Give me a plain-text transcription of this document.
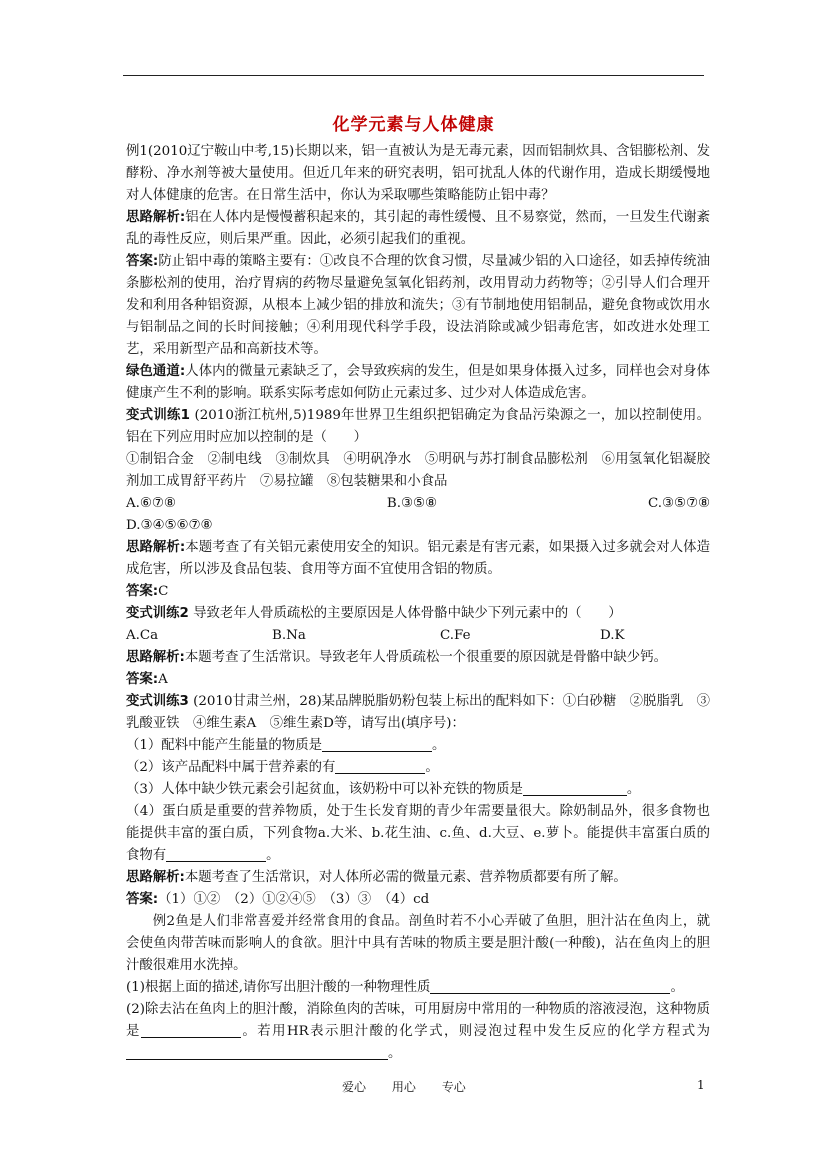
化学元素与人体健康

例1(2010辽宁鞍山中考,15)长期以来，铝一直被认为是无毒元素，因而铝制炊具、含铝膨松剂、发酵粉、净水剂等被大量使用。但近几年来的研究表明，铝可扰乱人体的代谢作用，造成长期缓慢地对人体健康的危害。在日常生活中，你认为采取哪些策略能防止铝中毒？

思路解析:铝在人体内是慢慢蓄积起来的，其引起的毒性缓慢、且不易察觉，然而，一旦发生代谢紊乱的毒性反应，则后果严重。因此，必须引起我们的重视。

答案:防止铝中毒的策略主要有：①改良不合理的饮食习惯，尽量减少铝的入口途径，如丢掉传统油条膨松剂的使用，治疗胃病的药物尽量避免氢氧化铝药剂，改用胃动力药物等；②引导人们合理开发和利用各种铝资源，从根本上减少铝的排放和流失；③有节制地使用铝制品，避免食物或饮用水与铝制品之间的长时间接触；④利用现代科学手段，设法消除或减少铝毒危害，如改进水处理工艺，采用新型产品和高新技术等。

绿色通道:人体内的微量元素缺乏了，会导致疾病的发生，但是如果身体摄入过多，同样也会对身体健康产生不利的影响。联系实际考虑如何防止元素过多、过少对人体造成危害。

变式训练1 (2010浙江杭州,5)1989年世界卫生组织把铝确定为食品污染源之一，加以控制使用。铝在下列应用时应加以控制的是（　　）

①制铝合金　②制电线　③制炊具　④明矾净水　⑤明矾与苏打制食品膨松剂　⑥用氢氧化铝凝胶剂加工成胃舒平药片　⑦易拉罐　⑧包装糖果和小食品

A.⑥⑦⑧	B.③⑤⑧	C.③⑤⑦⑧

D.③④⑤⑥⑦⑧

思路解析:本题考查了有关铝元素使用安全的知识。铝元素是有害元素，如果摄入过多就会对人体造成危害，所以涉及食品包装、食用等方面不宜使用含铝的物质。

答案:C

变式训练2 导致老年人骨质疏松的主要原因是人体骨骼中缺少下列元素中的（　　）

A.Ca	B.Na	C.Fe	D.K

思路解析:本题考查了生活常识。导致老年人骨质疏松一个很重要的原因就是骨骼中缺少钙。

答案:A

变式训练3 (2010甘肃兰州，28)某品牌脱脂奶粉包装上标出的配料如下：①白砂糖　②脱脂乳　③乳酸亚铁　④维生素A　⑤维生素D等，请写出(填序号)：

（1）配料中能产生能量的物质是	。

（2）该产品配料中属于营养素的有	。

（3）人体中缺少铁元素会引起贫血，该奶粉中可以补充铁的物质是	。

（4）蛋白质是重要的营养物质，处于生长发育期的青少年需要量很大。除奶制品外，很多食物也能提供丰富的蛋白质，下列食物a.大米、b.花生油、c.鱼、d.大豆、e.萝卜。能提供丰富蛋白质的食物有	。

思路解析:本题考查了生活常识，对人体所必需的微量元素、营养物质都要有所了解。

答案:（1）①②　（2）①②④⑤　（3）③　（4）cd

例2鱼是人们非常喜爱并经常食用的食品。剖鱼时若不小心弄破了鱼胆，胆汁沾在鱼肉上，就会使鱼肉带苦味而影响人的食欲。胆汁中具有苦味的物质主要是胆汁酸(一种酸)，沾在鱼肉上的胆汁酸很难用水洗掉。

(1)根据上面的描述,请你写出胆汁酸的一种物理性质	。

(2)除去沾在鱼肉上的胆汁酸，消除鱼肉的苦味，可用厨房中常用的一种物质的溶液浸泡，这种物质是	。若用HR表示胆汁酸的化学式，则浸泡过程中发生反应的化学方程式为。

爱心 用心 专心	1
